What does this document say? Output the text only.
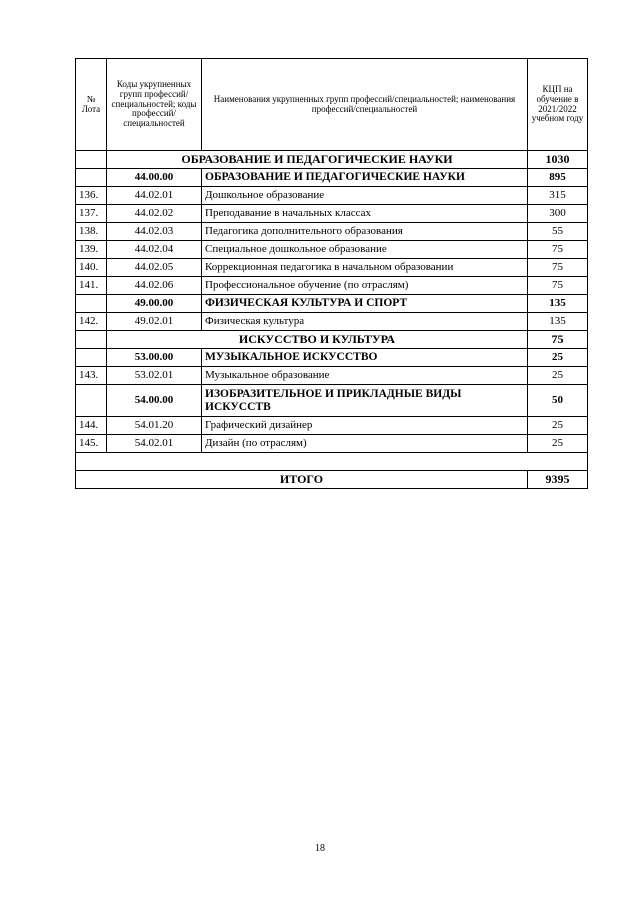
№ Лота	Коды укрупненных групп профессий/ специальностей; коды профессий/ специальностей	Наименования укрупненных групп профессий/специальностей; наименования профессий/специальностей	КЦП на обучение в 2021/2022 учебном году
	ОБРАЗОВАНИЕ И ПЕДАГОГИЧЕСКИЕ НАУКИ		1030
	44.00.00	ОБРАЗОВАНИЕ И ПЕДАГОГИЧЕСКИЕ НАУКИ	895
136.	44.02.01	Дошкольное образование	315
137.	44.02.02	Преподавание в начальных классах	300
138.	44.02.03	Педагогика дополнительного образования	55
139.	44.02.04	Специальное дошкольное образование	75
140.	44.02.05	Коррекционная педагогика в начальном образовании	75
141.	44.02.06	Профессиональное обучение (по отраслям)	75
	49.00.00	ФИЗИЧЕСКАЯ КУЛЬТУРА И СПОРТ	135
142.	49.02.01	Физическая культура	135
	ИСКУССТВО И КУЛЬТУРА		75
	53.00.00	МУЗЫКАЛЬНОЕ ИСКУССТВО	25
143.	53.02.01	Музыкальное образование	25
	54.00.00	ИЗОБРАЗИТЕЛЬНОЕ И ПРИКЛАДНЫЕ ВИДЫ ИСКУССТВ	50
144.	54.01.20	Графический дизайнер	25
145.	54.02.01	Дизайн (по отраслям)	25

ИТОГО			9395
18
